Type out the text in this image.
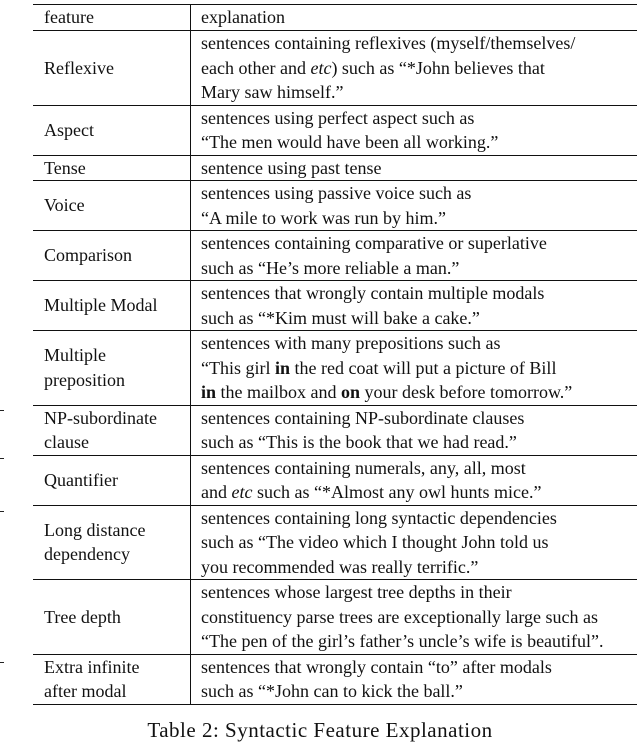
feature	explanation

Reflexive	sentences containing reflexives (myself/themselves/
each other and etc) such as “*John believes that
Mary saw himself.”

Aspect	sentences using perfect aspect such as
“The men would have been all working.”

Tense	sentence using past tense

Voice	sentences using passive voice such as
“A mile to work was run by him.”

Comparison	sentences containing comparative or superlative
such as “He’s more reliable a man.”

Multiple Modal	sentences that wrongly contain multiple modals
such as “*Kim must will bake a cake.”

Multiple
preposition	sentences with many prepositions such as
“This girl in the red coat will put a picture of Bill
in the mailbox and on your desk before tomorrow.”

NP-subordinate
clause	sentences containing NP-subordinate clauses
such as “This is the book that we had read.”

Quantifier	sentences containing numerals, any, all, most
and etc such as “*Almost any owl hunts mice.”

Long distance
dependency	sentences containing long syntactic dependencies
such as “The video which I thought John told us
you recommended was really terrific.”

Tree depth	sentences whose largest tree depths in their
constituency parse trees are exceptionally large such as
“The pen of the girl’s father’s uncle’s wife is beautiful”.

Extra infinite
after modal	sentences that wrongly contain “to” after modals
such as “*John can to kick the ball.”
Table 2: Syntactic Feature Explanation
